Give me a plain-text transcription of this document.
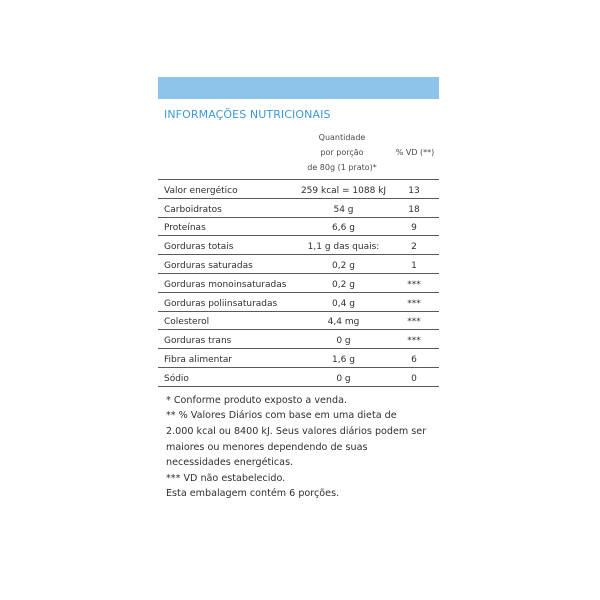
INFORMAÇÕES NUTRICIONAIS
Quantidade
por porção
de 80g (1 prato)*
% VD (**)
Valor energético	259 kcal = 1088 kJ	13
Carboidratos	54 g	18
Proteínas	6,6 g	9
Gorduras totais	1,1 g das quais:	2
Gorduras saturadas	0,2 g	1
Gorduras monoinsaturadas	0,2 g	***
Gorduras poliinsaturadas	0,4 g	***
Colesterol	4,4 mg	***
Gorduras trans	0 g	***
Fibra alimentar	1,6 g	6
Sódio	0 g	0
* Conforme produto exposto a venda.
** % Valores Diários com base em uma dieta de
2.000 kcal ou 8400 kJ. Seus valores diários podem ser
maiores ou menores dependendo de suas
necessidades energéticas.
*** VD não estabelecido.
Esta embalagem contém 6 porções.
